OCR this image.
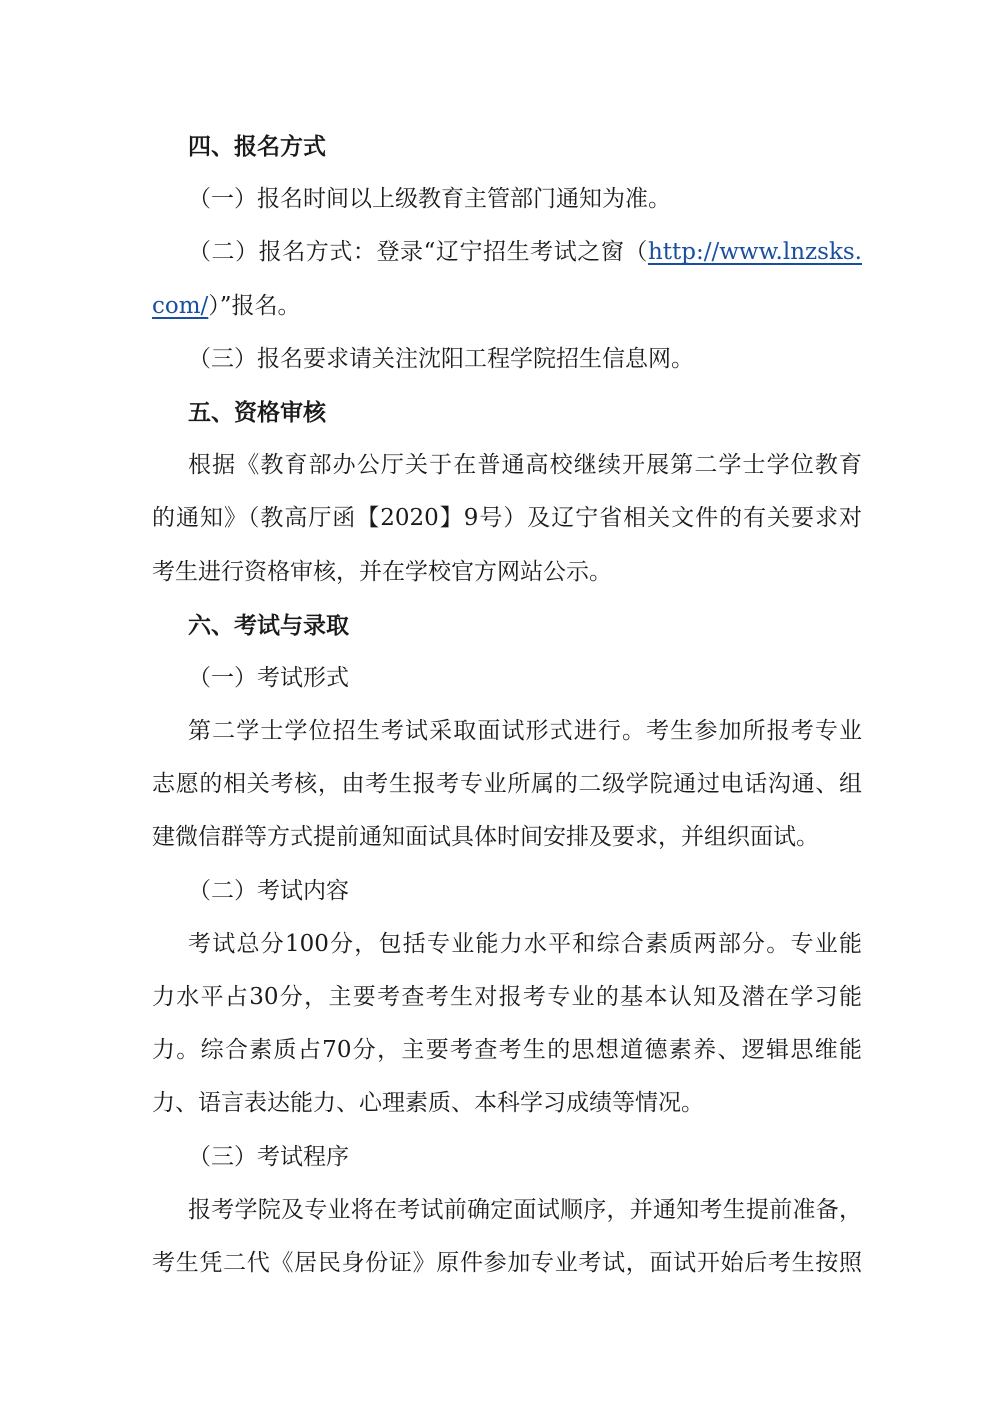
四、报名方式
（一）报名时间以上级教育主管部门通知为准。
（二）报名方式：登录“辽宁招生考试之窗（http://www.lnzsks.
com/）”报名。
（三）报名要求请关注沈阳工程学院招生信息网。
五、资格审核
根据《教育部办公厅关于在普通高校继续开展第二学士学位教育
的通知》（教高厅函【2020】9号）及辽宁省相关文件的有关要求对
考生进行资格审核，并在学校官方网站公示。
六、考试与录取
（一）考试形式
第二学士学位招生考试采取面试形式进行。考生参加所报考专业
志愿的相关考核，由考生报考专业所属的二级学院通过电话沟通、组
建微信群等方式提前通知面试具体时间安排及要求，并组织面试。
（二）考试内容
考试总分100分，包括专业能力水平和综合素质两部分。专业能
力水平占30分，主要考查考生对报考专业的基本认知及潜在学习能
力。综合素质占70分，主要考查考生的思想道德素养、逻辑思维能
力、语言表达能力、心理素质、本科学习成绩等情况。
（三）考试程序
报考学院及专业将在考试前确定面试顺序，并通知考生提前准备，
考生凭二代《居民身份证》原件参加专业考试，面试开始后考生按照
